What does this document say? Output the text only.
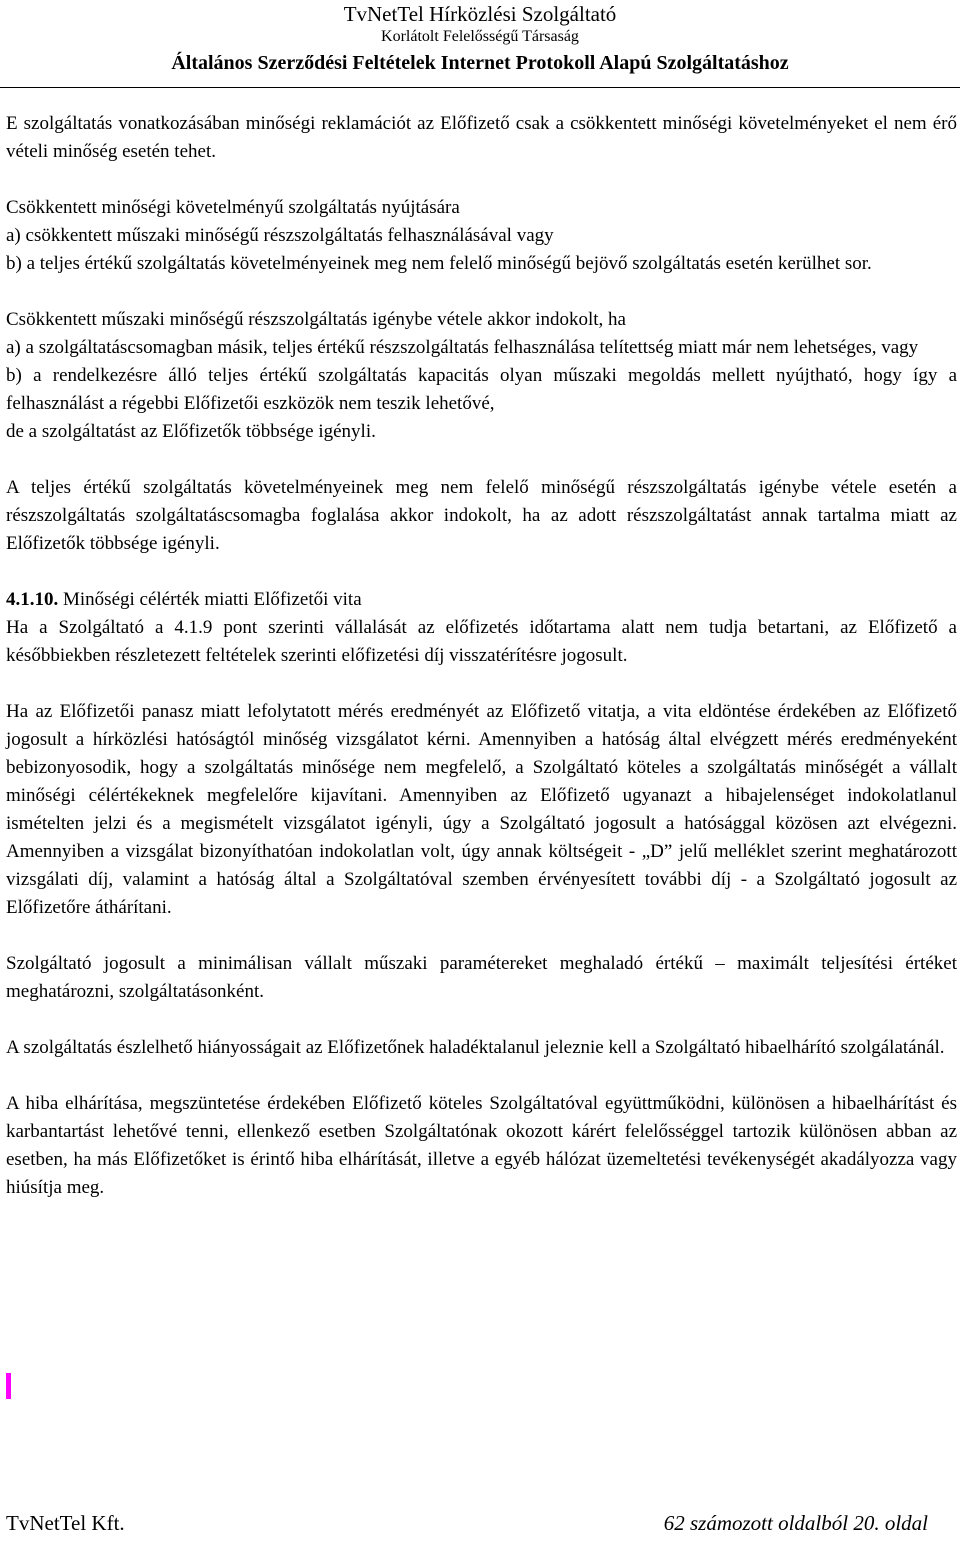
TvNetTel Hírközlési Szolgáltató
Korlátolt Felelősségű Társaság
Általános Szerződési Feltételek Internet Protokoll Alapú Szolgáltatáshoz

E szolgáltatás vonatkozásában minőségi reklamációt az Előfizető csak a csökkentett minőségi követelményeket el nem érő vételi minőség esetén tehet.

Csökkentett minőségi követelményű szolgáltatás nyújtására

a) csökkentett műszaki minőségű részszolgáltatás felhasználásával vagy

b) a teljes értékű szolgáltatás követelményeinek meg nem felelő minőségű bejövő szolgáltatás esetén kerülhet sor.

Csökkentett műszaki minőségű részszolgáltatás igénybe vétele akkor indokolt, ha

a) a szolgáltatáscsomagban másik, teljes értékű részszolgáltatás felhasználása telítettség miatt már nem lehetséges, vagy

b) a rendelkezésre álló teljes értékű szolgáltatás kapacitás olyan műszaki megoldás mellett nyújtható, hogy így a felhasználást a régebbi Előfizetői eszközök nem teszik lehetővé,

de a szolgáltatást az Előfizetők többsége igényli.

A teljes értékű szolgáltatás követelményeinek meg nem felelő minőségű részszolgáltatás igénybe vétele esetén a részszolgáltatás szolgáltatáscsomagba foglalása akkor indokolt, ha az adott részszolgáltatást annak tartalma miatt az Előfizetők többsége igényli.

4.1.10. Minőségi célérték miatti Előfizetői vita

Ha a Szolgáltató a 4.1.9 pont szerinti vállalását az előfizetés időtartama alatt nem tudja betartani, az Előfizető a későbbiekben részletezett feltételek szerinti előfizetési díj visszatérítésre jogosult.

Ha az Előfizetői panasz miatt lefolytatott mérés eredményét az Előfizető vitatja, a vita eldöntése érdekében az Előfizető jogosult a hírközlési hatóságtól minőség vizsgálatot kérni. Amennyiben a hatóság által elvégzett mérés eredményeként bebizonyosodik, hogy a szolgáltatás minősége nem megfelelő, a Szolgáltató köteles a szolgáltatás minőségét a vállalt minőségi célértékeknek megfelelőre kijavítani. Amennyiben az Előfizető ugyanazt a hibajelenséget indokolatlanul ismételten jelzi és a megismételt vizsgálatot igényli, úgy a Szolgáltató jogosult a hatósággal közösen azt elvégezni. Amennyiben a vizsgálat bizonyíthatóan indokolatlan volt, úgy annak költségeit - „D” jelű melléklet szerint meghatározott vizsgálati díj, valamint a hatóság által a Szolgáltatóval szemben érvényesített további díj - a Szolgáltató jogosult az Előfizetőre áthárítani.

Szolgáltató jogosult a minimálisan vállalt műszaki paramétereket meghaladó értékű – maximált teljesítési értéket meghatározni, szolgáltatásonként.

A szolgáltatás észlelhető hiányosságait az Előfizetőnek haladéktalanul jeleznie kell a Szolgáltató hibaelhárító szolgálatánál.

A hiba elhárítása, megszüntetése érdekében Előfizető köteles Szolgáltatóval együttműködni, különösen a hibaelhárítást és karbantartást lehetővé tenni, ellenkező esetben Szolgáltatónak okozott kárért felelősséggel tartozik különösen abban az esetben, ha más Előfizetőket is érintő hiba elhárítását, illetve a egyéb hálózat üzemeltetési tevékenységét akadályozza vagy hiúsítja meg.

TvNetTel Kft.	62 számozott oldalból 20. oldal
